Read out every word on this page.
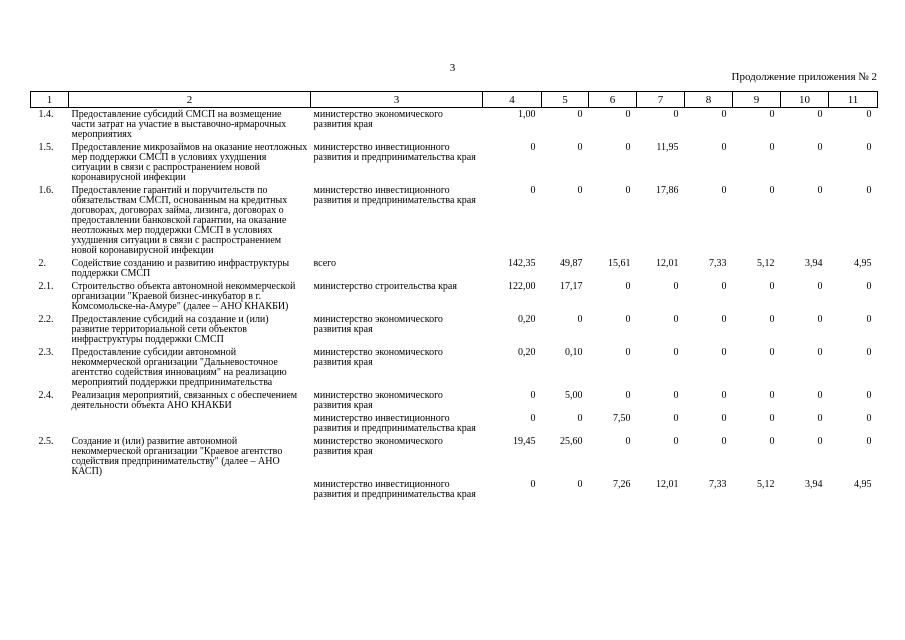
3
Продолжение приложения № 2
1	2	3	4	5	6	7	8	9	10	11
1.4.	Предоставление субсидий СМСП на возмещение части затрат на участие в выставочно-ярмарочных мероприятиях	министерство экономического развития края	1,00	0	0	0	0	0	0	0
1.5.	Предоставление микрозаймов на оказание неотложных мер поддержки СМСП в условиях ухудшения ситуации в связи с распространением новой коронавирусной инфекции	министерство инвестиционного развития и предпринимательства края	0	0	0	11,95	0	0	0	0
1.6.	Предоставление гарантий и поручительств по обязательствам СМСП, основанным на кредитных договорах, договорах займа, лизинга, договорах о предоставлении банковской гарантии, на оказание неотложных мер поддержки СМСП в условиях ухудшения ситуации в связи с распространением новой коронавирусной инфекции	министерство инвестиционного развития и предпринимательства края	0	0	0	17,86	0	0	0	0
2.	Содействие созданию и развитию инфраструктуры поддержки СМСП	всего	142,35	49,87	15,61	12,01	7,33	5,12	3,94	4,95
2.1.	Строительство объекта автономной некоммерческой организации "Краевой бизнес-инкубатор в г. Комсомольске-на-Амуре" (далее – АНО КНАКБИ)	министерство строительства края	122,00	17,17	0	0	0	0	0	0
2.2.	Предоставление субсидий на создание и (или) развитие территориальной сети объектов инфраструктуры поддержки СМСП	министерство экономического развития края	0,20	0	0	0	0	0	0	0
2.3.	Предоставление субсидии автономной некоммерческой организации "Дальневосточное агентство содействия инновациям" на реализацию мероприятий поддержки предпринимательства	министерство экономического развития края	0,20	0,10	0	0	0	0	0	0
2.4.	Реализация мероприятий, связанных с обеспечением деятельности объекта АНО КНАКБИ	министерство экономического развития края	0	5,00	0	0	0	0	0	0
		министерство инвестиционного развития и предпринимательства края	0	0	7,50	0	0	0	0	0
2.5.	Создание и (или) развитие автономной некоммерческой организации "Краевое агентство содействия предпринимательству" (далее – АНО КАСП)	министерство экономического развития края	19,45	25,60	0	0	0	0	0	0
		министерство инвестиционного развития и предпринимательства края	0	0	7,26	12,01	7,33	5,12	3,94	4,95
